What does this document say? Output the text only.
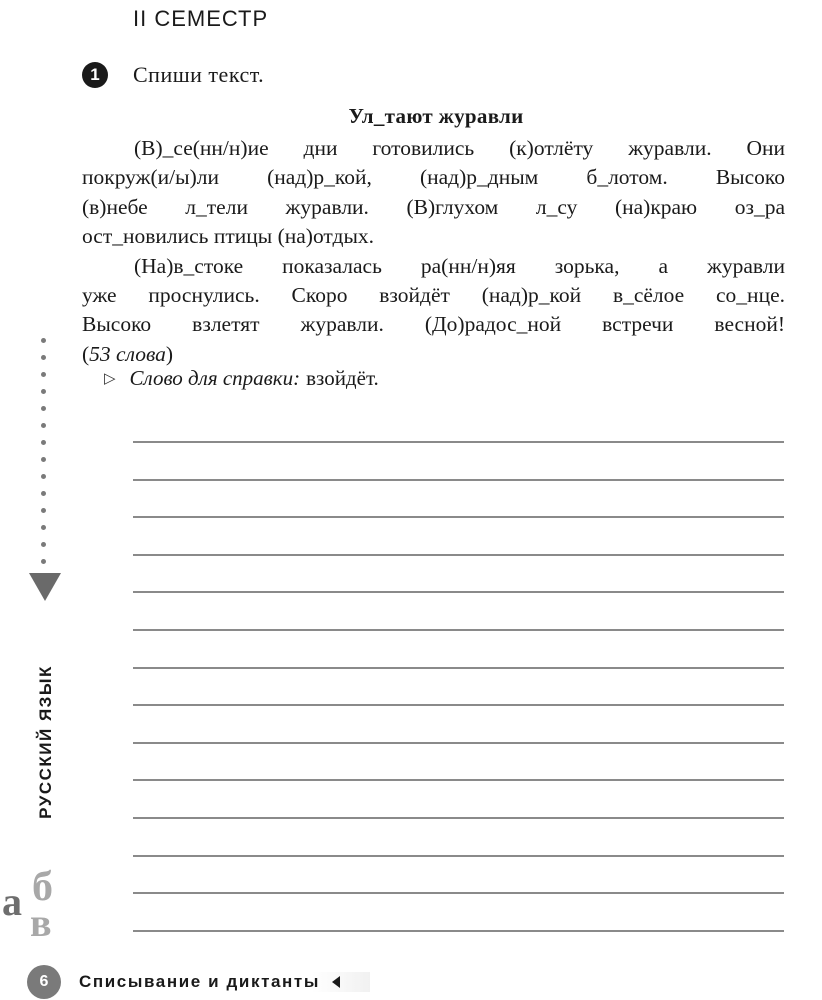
II СЕМЕСТР
1	Спиши текст.
Ул_тают журавли
(В)_се(нн/н)ие дни готовились (к)отлёту журавли. Они
покруж(и/ы)ли (над)р_кой, (над)р_дным б_лотом. Высоко
(в)небе л_тели журавли. (В)глухом л_су (на)краю оз_ра
ост_новились птицы (на)отдых.
(На)в_стоке показалась ра(нн/н)яя зорька, а журавли
уже проснулись. Скоро взойдёт (над)р_кой в_сёлое со_нце.
Высоко взлетят журавли. (До)радос_ной встречи весной!
(53 слова)
▷ Слово для справки: взойдёт.
РУССКИЙ ЯЗЫК
б
а в
6	Списывание и диктанты
